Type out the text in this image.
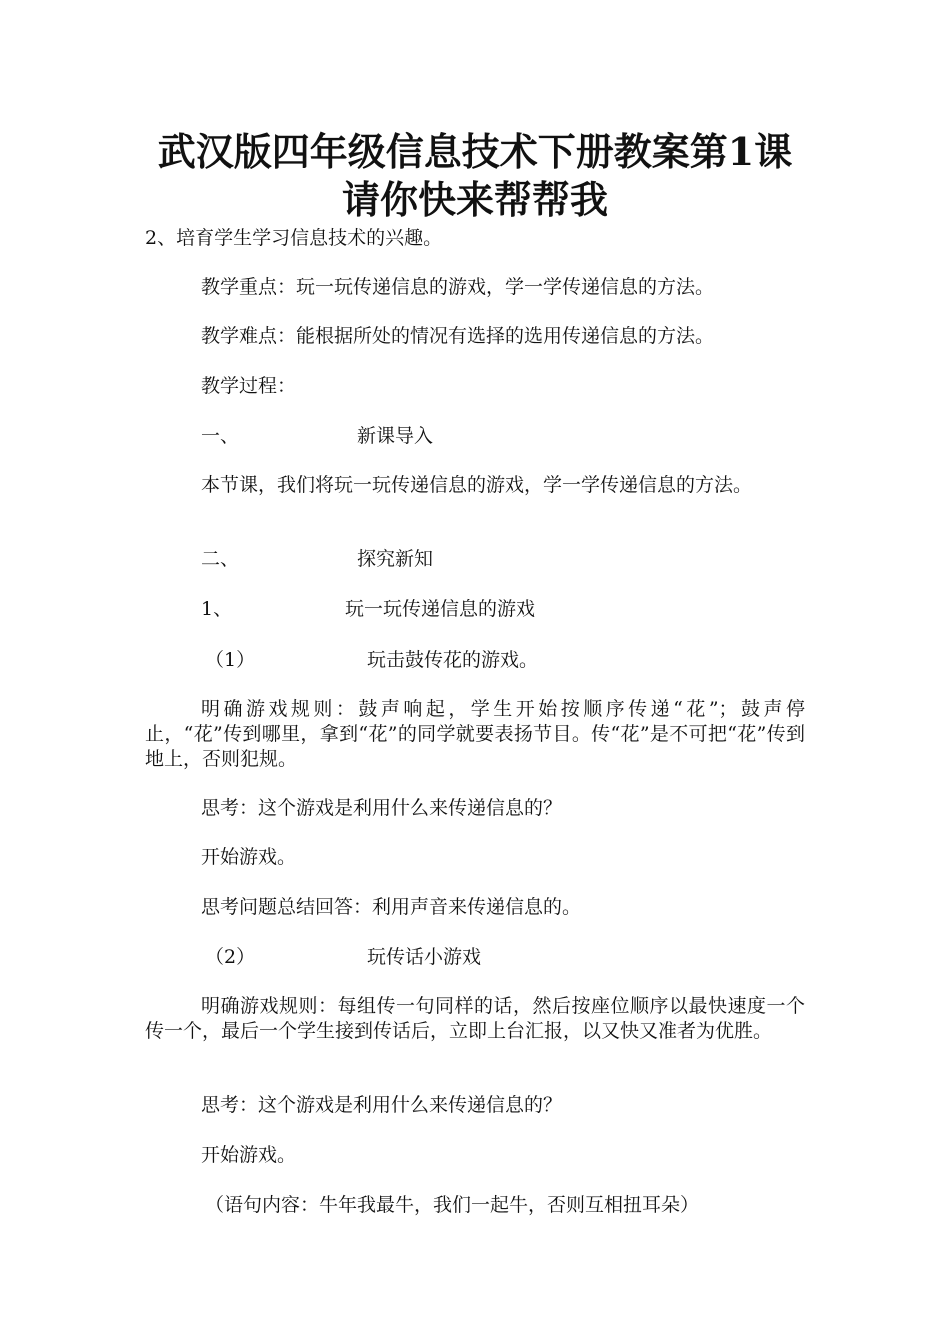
武汉版四年级信息技术下册教案第1课
请你快来帮帮我

2、培育学生学习信息技术的兴趣。

教学重点：玩一玩传递信息的游戏，学一学传递信息的方法。

教学难点：能根据所处的情况有选择的选用传递信息的方法。

教学过程：

一、	新课导入

本节课，我们将玩一玩传递信息的游戏，学一学传递信息的方法。

二、	探究新知
1、	玩一玩传递信息的游戏
（1）	玩击鼓传花的游戏。

明确游戏规则：鼓声响起，学生开始按顺序传递“花”；鼓声停止，“花”传到哪里，拿到“花”的同学就要表扬节目。传“花”是不可把“花”传到地上，否则犯规。

思考：这个游戏是利用什么来传递信息的？

开始游戏。

思考问题总结回答：利用声音来传递信息的。

（2）	玩传话小游戏

明确游戏规则：每组传一句同样的话，然后按座位顺序以最快速度一个传一个，最后一个学生接到传话后，立即上台汇报，以又快又准者为优胜。

思考：这个游戏是利用什么来传递信息的？

开始游戏。

（语句内容：牛年我最牛，我们一起牛，否则互相扭耳朵）
